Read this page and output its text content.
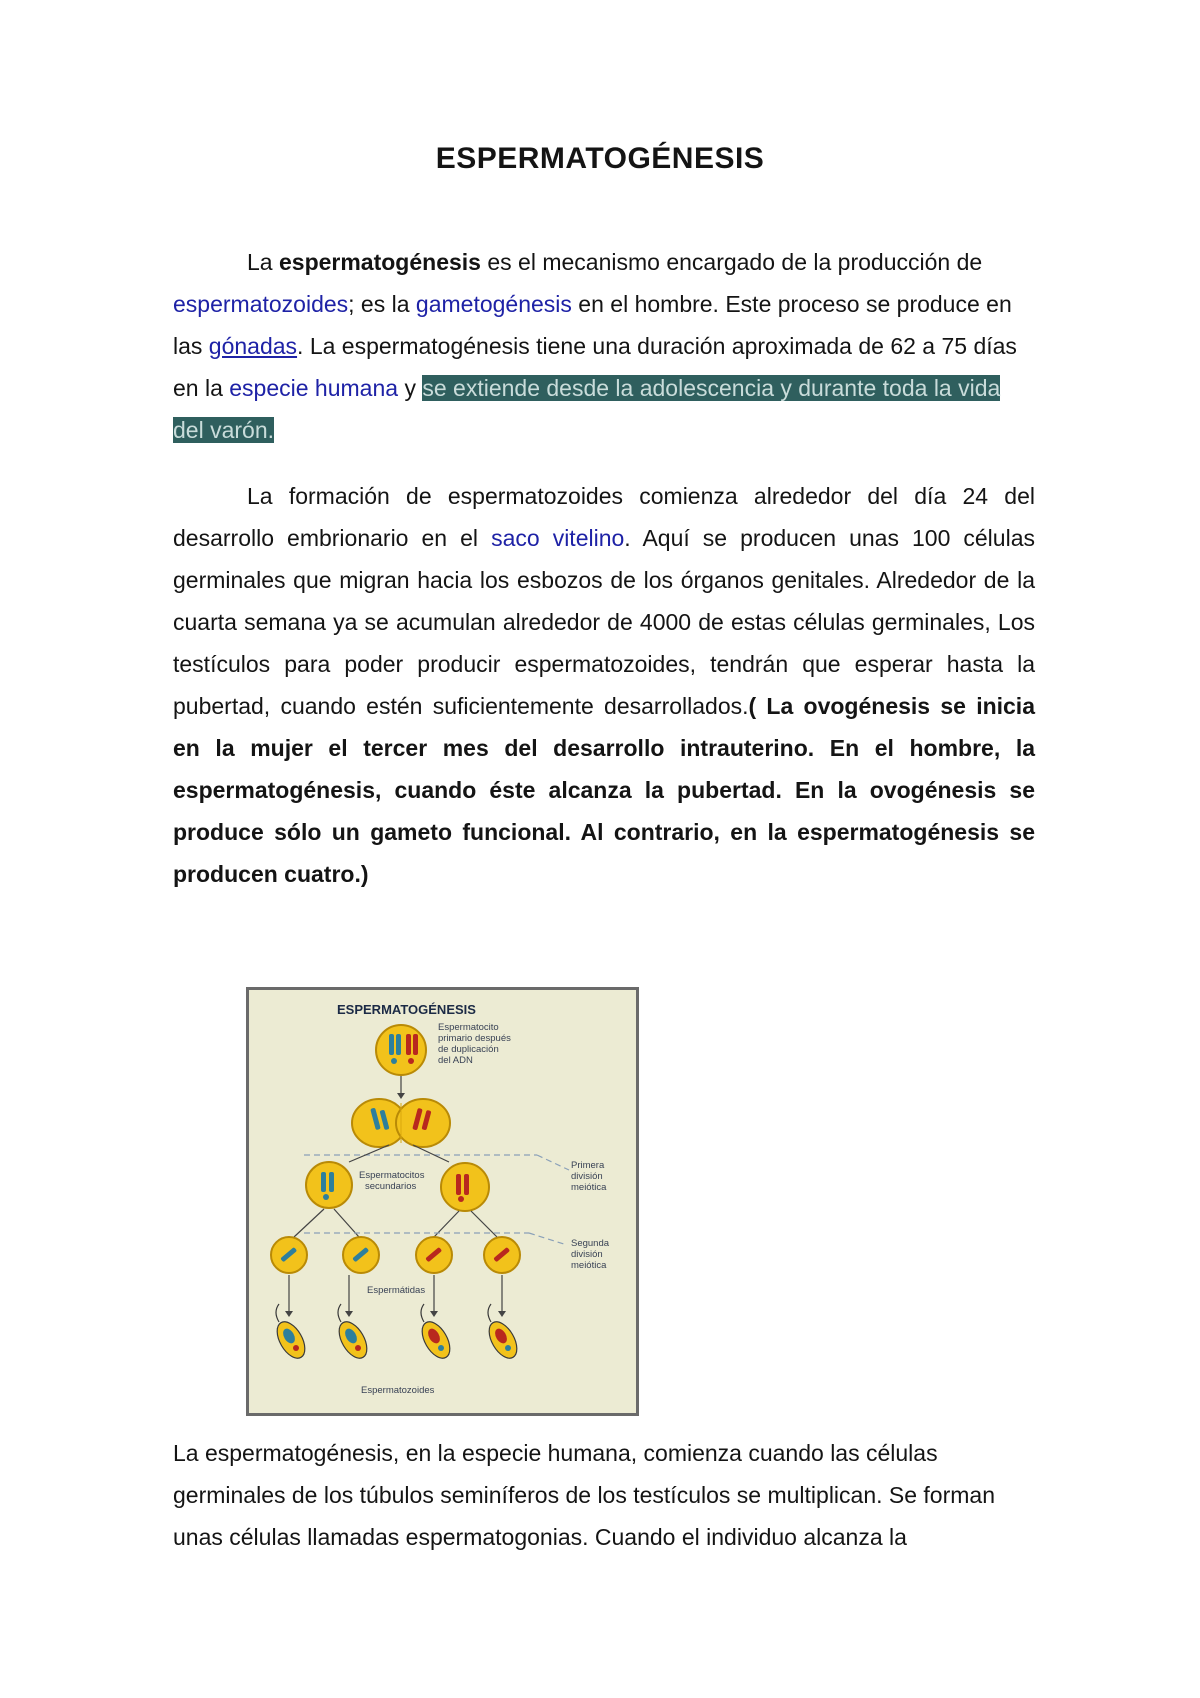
ESPERMATOGÉNESIS

La espermatogénesis es el mecanismo encargado de la producción de espermatozoides; es la gametogénesis en el hombre. Este proceso se produce en las gónadas. La espermatogénesis tiene una duración aproximada de 62 a 75 días en la especie humana y se extiende desde la adolescencia y durante toda la vida del varón.

La formación de espermatozoides comienza alrededor del día 24 del desarrollo embrionario en el saco vitelino. Aquí se producen unas 100 células germinales que migran hacia los esbozos de los órganos genitales. Alrededor de la cuarta semana ya se acumulan alrededor de 4000 de estas células germinales, Los testículos para poder producir espermatozoides, tendrán que esperar hasta la pubertad, cuando estén suficientemente desarrollados.( La ovogénesis se inicia en la mujer el tercer mes del desarrollo intrauterino. En el hombre, la espermatogénesis, cuando éste alcanza la pubertad. En la ovogénesis se produce sólo un gameto funcional. Al contrario, en la espermatogénesis se producen cuatro.)

ESPERMATOGÉNESIS
Espermatocito
primario después
de duplicación
del ADN
Primera
división
meiótica
Espermatocitos
secundarios
Segunda
división
meiótica
Espermátidas
Espermatozoides

La espermatogénesis, en la especie humana, comienza cuando las células germinales de los túbulos seminíferos de los testículos se multiplican. Se forman unas células llamadas espermatogonias. Cuando el individuo alcanza la
